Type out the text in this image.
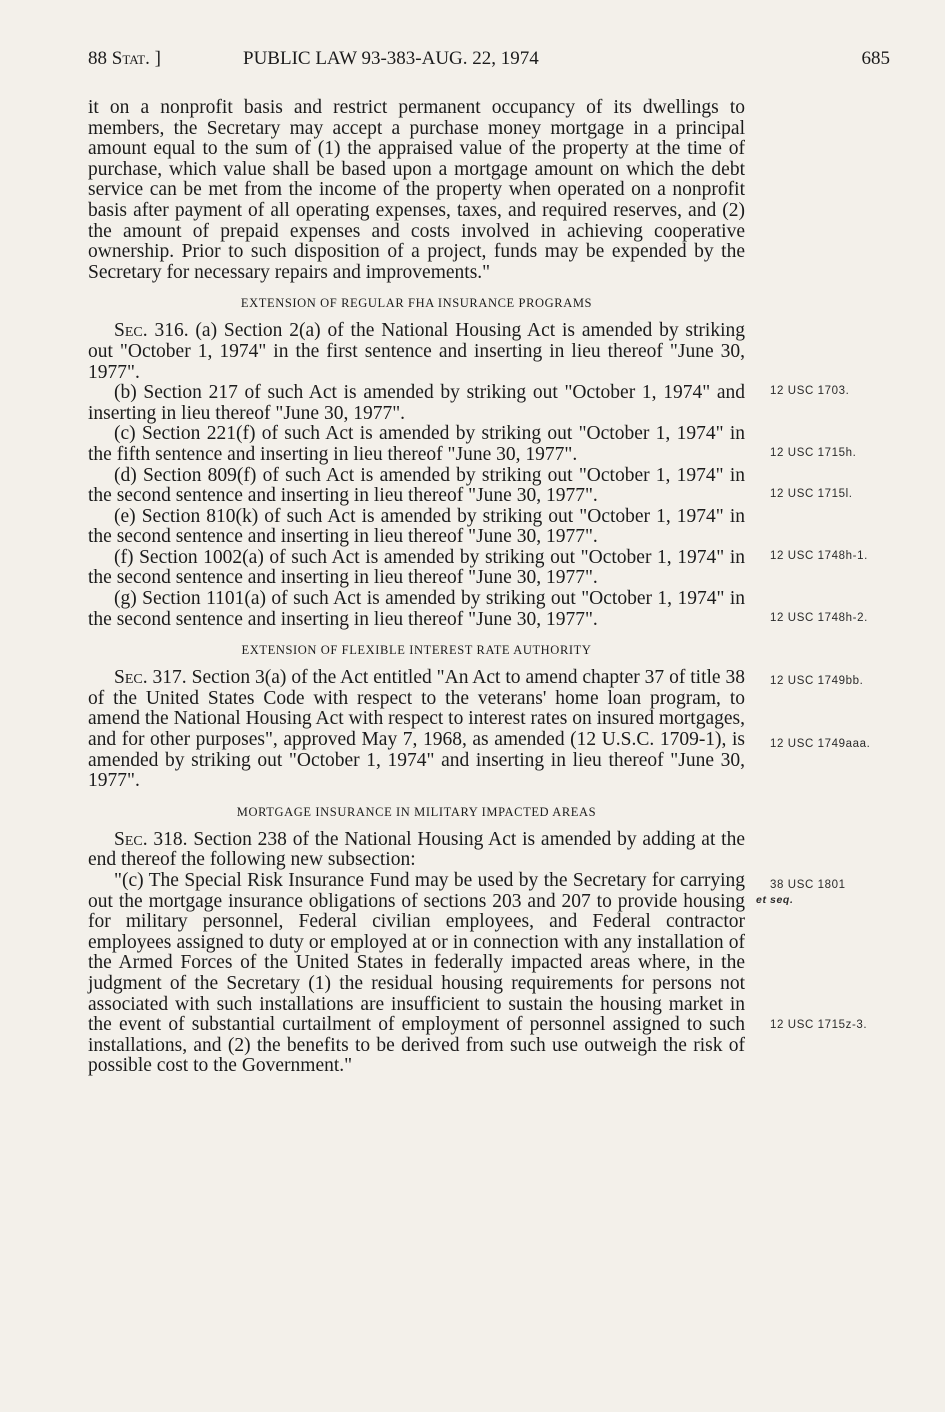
88 Stat. ]	PUBLIC LAW 93-383-AUG. 22, 1974	685

it on a nonprofit basis and restrict permanent occupancy of its dwellings to members, the Secretary may accept a purchase money mortgage in a principal amount equal to the sum of (1) the appraised value of the property at the time of purchase, which value shall be based upon a mortgage amount on which the debt service can be met from the income of the property when operated on a nonprofit basis after payment of all operating expenses, taxes, and required reserves, and (2) the amount of prepaid expenses and costs involved in achieving cooperative ownership. Prior to such disposition of a project, funds may be expended by the Secretary for necessary repairs and improvements."

EXTENSION OF REGULAR FHA INSURANCE PROGRAMS

Sec. 316. (a) Section 2(a) of the National Housing Act is amended by striking out "October 1, 1974" in the first sentence and inserting in lieu thereof "June 30, 1977".

(b) Section 217 of such Act is amended by striking out "October 1, 1974" and inserting in lieu thereof "June 30, 1977".

(c) Section 221(f) of such Act is amended by striking out "October 1, 1974" in the fifth sentence and inserting in lieu thereof "June 30, 1977".

(d) Section 809(f) of such Act is amended by striking out "October 1, 1974" in the second sentence and inserting in lieu thereof "June 30, 1977".

(e) Section 810(k) of such Act is amended by striking out "October 1, 1974" in the second sentence and inserting in lieu thereof "June 30, 1977".

(f) Section 1002(a) of such Act is amended by striking out "October 1, 1974" in the second sentence and inserting in lieu thereof "June 30, 1977".

(g) Section 1101(a) of such Act is amended by striking out "October 1, 1974" in the second sentence and inserting in lieu thereof "June 30, 1977".

EXTENSION OF FLEXIBLE INTEREST RATE AUTHORITY

Sec. 317. Section 3(a) of the Act entitled "An Act to amend chapter 37 of title 38 of the United States Code with respect to the veterans' home loan program, to amend the National Housing Act with respect to interest rates on insured mortgages, and for other purposes", approved May 7, 1968, as amended (12 U.S.C. 1709-1), is amended by striking out "October 1, 1974" and inserting in lieu thereof "June 30, 1977".

MORTGAGE INSURANCE IN MILITARY IMPACTED AREAS

Sec. 318. Section 238 of the National Housing Act is amended by adding at the end thereof the following new subsection:

"(c) The Special Risk Insurance Fund may be used by the Secretary for carrying out the mortgage insurance obligations of sections 203 and 207 to provide housing for military personnel, Federal civilian employees, and Federal contractor employees assigned to duty or employed at or in connection with any installation of the Armed Forces of the United States in federally impacted areas where, in the judgment of the Secretary (1) the residual housing requirements for persons not associated with such installations are insufficient to sustain the housing market in the event of substantial curtailment of employment of personnel assigned to such installations, and (2) the benefits to be derived from such use outweigh the risk of possible cost to the Government."

12 USC 1703.
12 USC 1715h.
12 USC 1715l.
12 USC 1748h-1.
12 USC 1748h-2.
12 USC 1749bb.
12 USC 1749aaa.
38 USC 1801
et seq.
12 USC 1715z-3.
